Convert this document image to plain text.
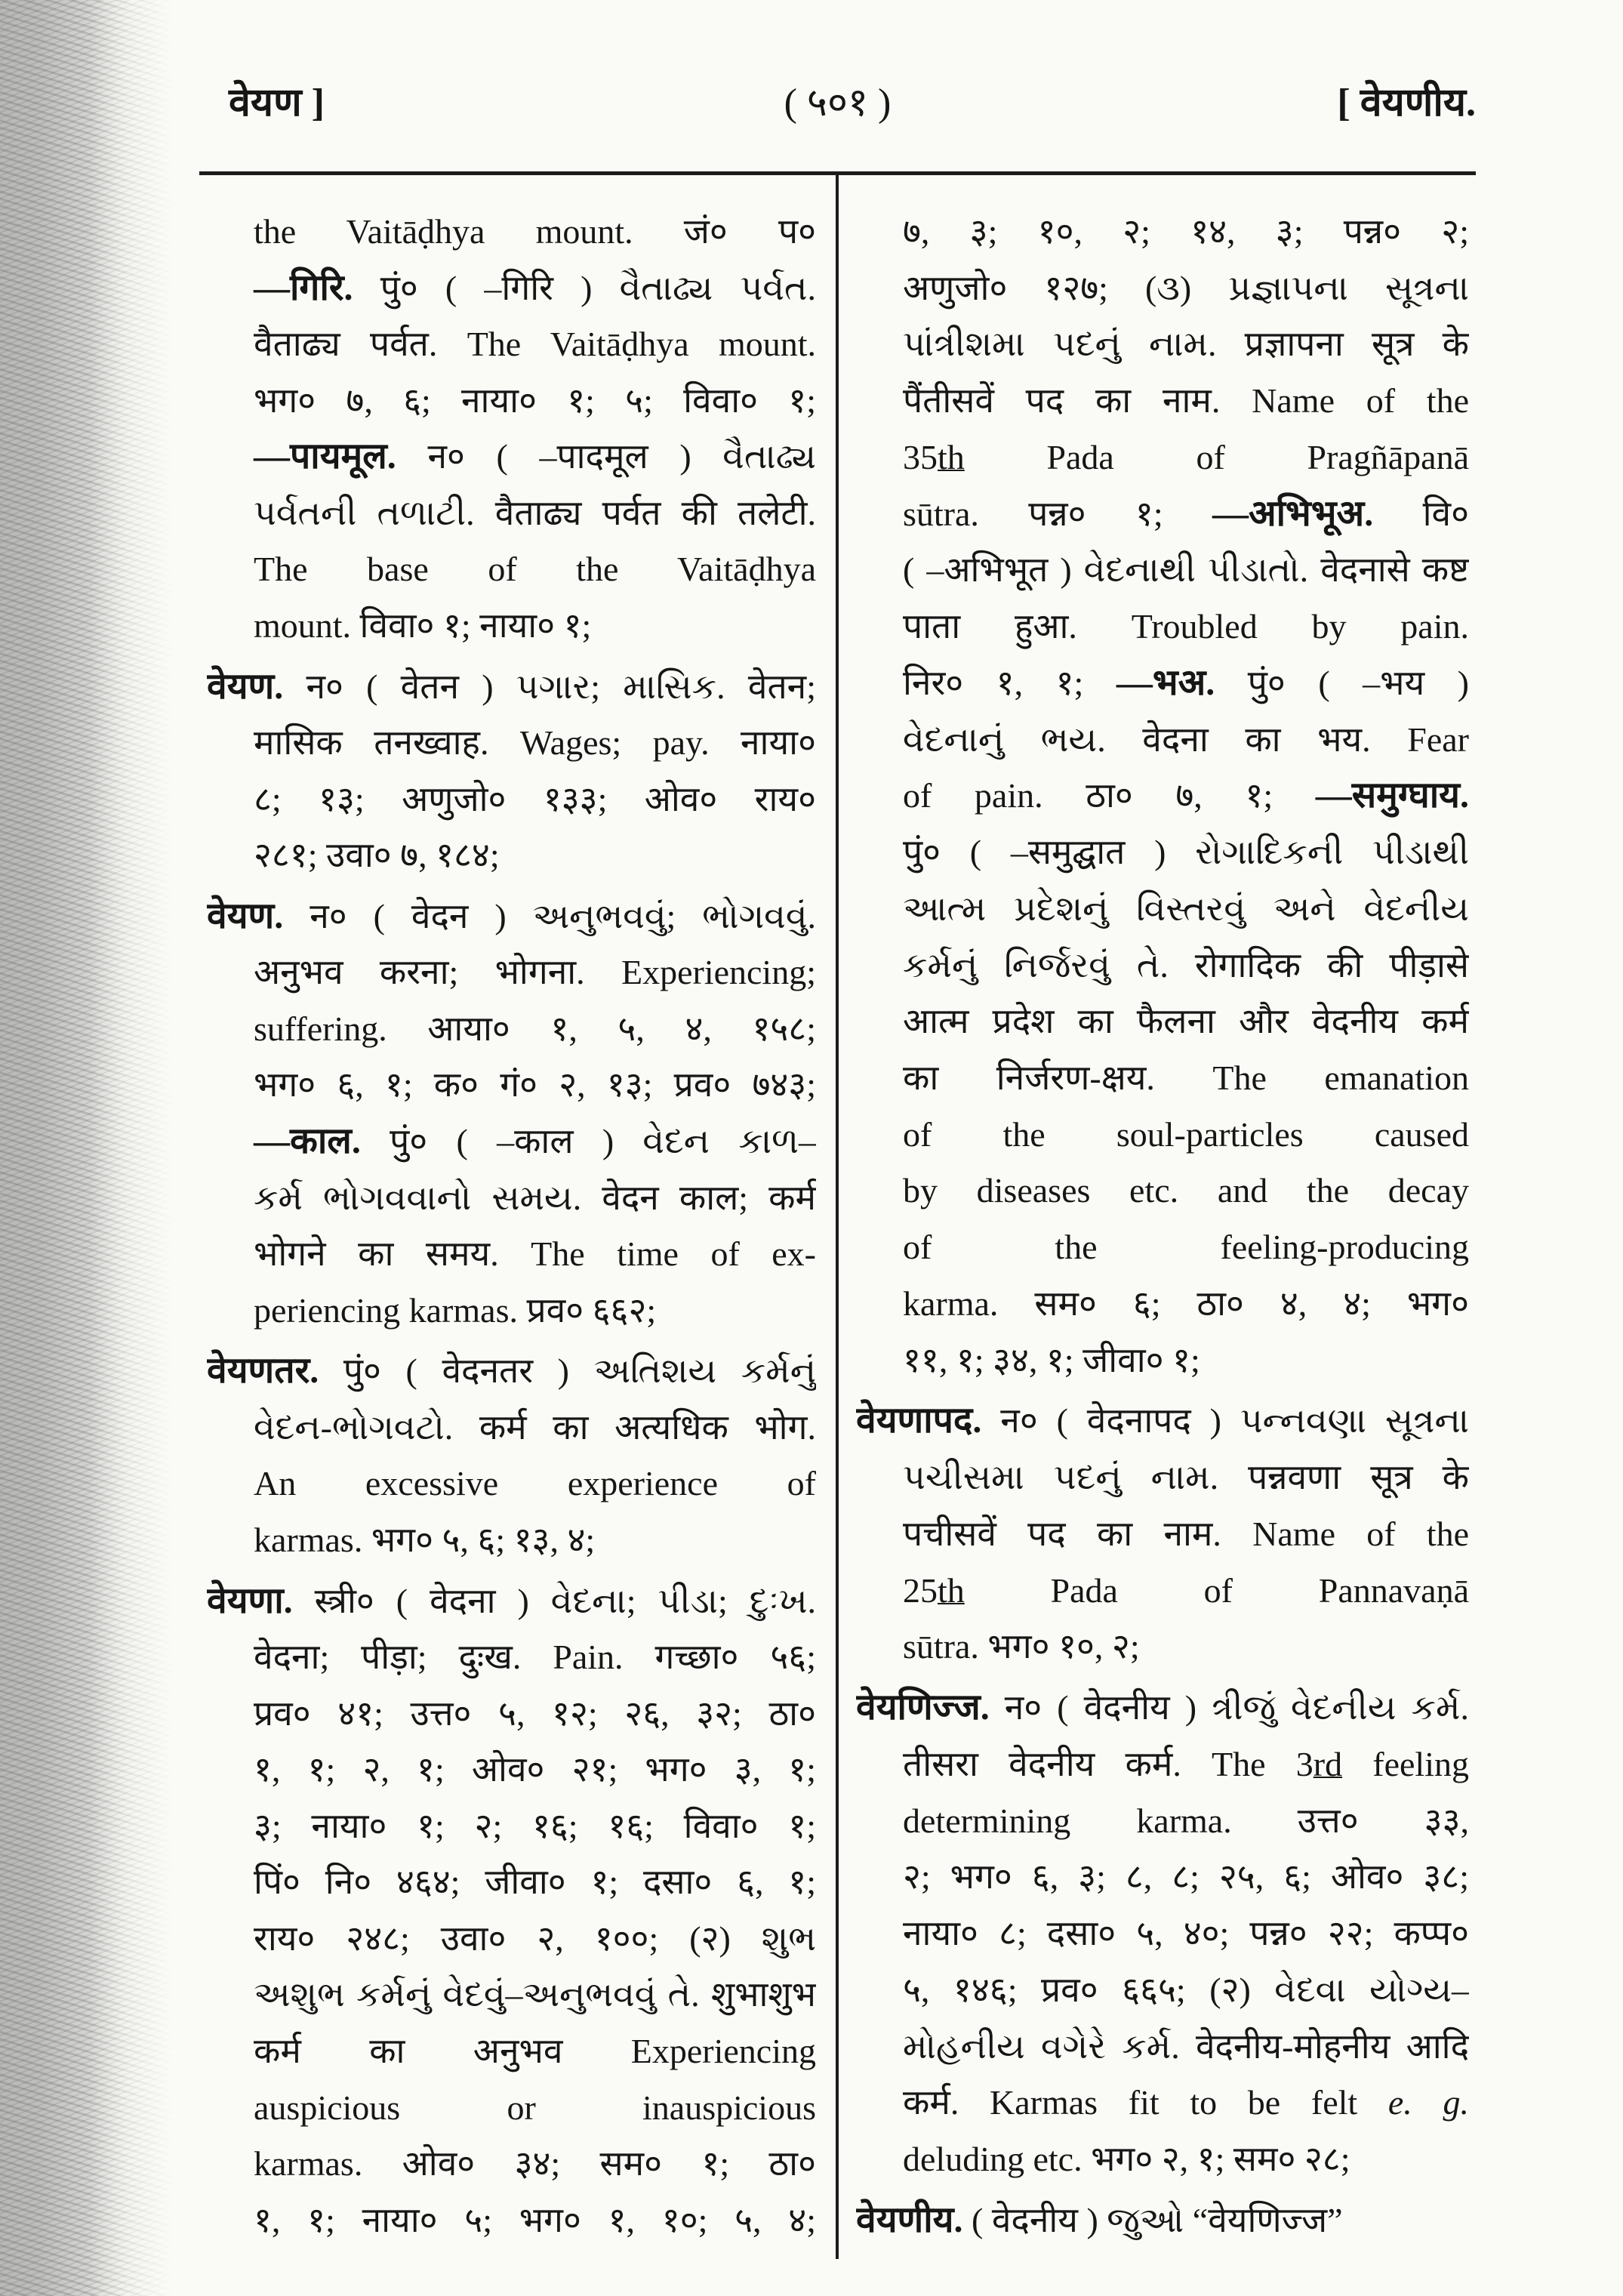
वेयण ]	( ५०१ )	[ वेयणीय.
the Vaitāḍhya mount. जं० प०
—गिरि. पुं० ( –गिरि ) વૈતાઢ્ય પર્વત.
वैताढ्य पर्वत. The Vaitāḍhya mount.
भग० ७, ६; नाया० १; ५; विवा० १;
—पायमूल. न० ( –पादमूल ) વૈતાઢ્ય
પર્વતની તળાટી. वैताढ्य पर्वत की तलेटी.
The base of the Vaitāḍhya
mount. विवा० १; नाया० १;
वेयण. न० ( वेतन ) પગાર; માસિક. वेतन;
मासिक तनख्वाह. Wages; pay. नाया०
८; १३; अणुजो० १३३; ओव० राय०
२८१; उवा० ७, १८४;
वेयण. न० ( वेदन ) અનુભવવું; ભોગવવું.
अनुभव करना; भोगना. Experiencing;
suffering. आया० १, ५, ४, १५८;
भग० ६, १; क० गं० २, १३; प्रव० ७४३;
—काल. पुं० ( –काल ) વેદન કાળ–
કર્મ ભોગવવાનો સમય. वेदन काल; कर्म
भोगने का समय. The time of ex-
periencing karmas. प्रव० ६६२;
वेयणतर. पुं० ( वेदनतर ) અતિશય કર્મનું
વેદન-ભોગવટો. कर्म का अत्यधिक भोग.
An excessive experience of
karmas. भग० ५, ६; १३, ४;
वेयणा. स्त्री० ( वेदना ) વેદના; પીડા; દુઃખ.
वेदना; पीड़ा; दुःख. Pain. गच्छा० ५६;
प्रव० ४१; उत्त० ५, १२; २६, ३२; ठा०
१, १; २, १; ओव० २१; भग० ३, १;
३; नाया० १; २; १६; १६; विवा० १;
पिं० नि० ४६४; जीवा० १; दसा० ६, १;
राय० २४८; उवा० २, १००; (२) શુભ
અશુભ કર્મનું વેદવું–અનુભવવું તે. शुभाशुभ
कर्म का अनुभव Experiencing
auspicious or inauspicious
karmas. ओव० ३४; सम० १; ठा०
१, १; नाया० ५; भग० १, १०; ५, ४;
७, ३; १०, २; १४, ३; पन्न० २;
अणुजो० १२७; (૩) પ્રજ્ઞાપના સૂત્રના
પાંત્રીશમા પદનું નામ. प्रज्ञापना सूत्र के
पैंतीसवें पद का नाम. Name of the
35th Pada of Pragñāpanā
sūtra. पन्न० १; —अभिभूअ. वि०
( –अभिभूत ) વેદનાથી પીડાતો. वेदनासे कष्ट
पाता हुआ. Troubled by pain.
निर० १, १; —भअ. पुं० ( –भय )
વેદનાનું ભય. वेदना का भय. Fear
of pain. ठा० ७, १; —समुग्घाय.
पुं० ( –समुद्घात ) રોગાદિકની પીડાથી
આત્મ પ્રદેશનું વિસ્તરવું અને વેદનીય
કર્મનું નિર્જરવું તે. रोगादिक की पीड़ासे
आत्म प्रदेश का फैलना और वेदनीय कर्म
का निर्जरण-क्षय. The emanation
of the soul-particles caused
by diseases etc. and the decay
of the feeling-producing
karma. सम० ६; ठा० ४, ४; भग०
११, १; ३४, १; जीवा० १;
वेयणापद. न० ( वेदनापद ) પન્નવણા સૂત્રના
પચીસમા પદનું નામ. पन्नवणा सूत्र के
पचीसवें पद का नाम. Name of the
25th Pada of Pannavaṇā
sūtra. भग० १०, २;
वेयणिज्ज. न० ( वेदनीय ) ત્રીજું વેદનીય કર્મ.
तीसरा वेदनीय कर्म. The 3rd feeling
determining karma. उत्त० ३३,
२; भग० ६, ३; ८, ८; २५, ६; ओव० ३८;
नाया० ८; दसा० ५, ४०; पन्न० २२; कप्प०
५, १४६; प्रव० ६६५; (२) વેદવા યોગ્ય–
મોહનીય વગેરે કર્મ. वेदनीय-मोहनीय आदि
कर्म. Karmas fit to be felt e. g.
deluding etc. भग० २, १; सम० २८;
वेयणीय. ( वेदनीय ) જુઓ “वेयणिज्ज”
